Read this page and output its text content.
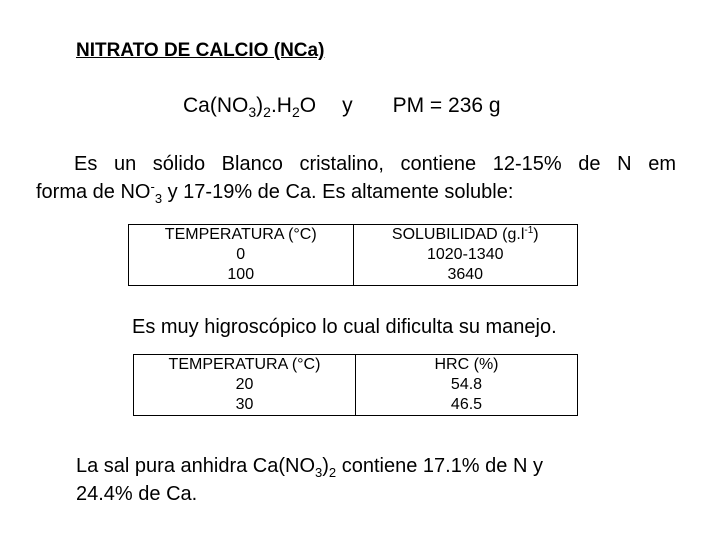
NITRATO DE CALCIO (NCa)
$Ca(NO_3)_2.H_2O$ y PM = 236 g
Es un sólido Blanco cristalino, contiene 12-15% de N em
forma de $NO^-_3$ y 17-19% de Ca. Es altamente soluble:
TEMPERATURA (°C)	SOLUBILIDAD $(g.l^{-1})$
0	1020-1340
100	3640
Es muy higroscópico lo cual dificulta su manejo.
TEMPERATURA (°C)	HRC (%)
20	54.8
30	46.5
La sal pura anhidra $Ca(NO_3)_2$ contiene 17.1% de N y
24.4% de Ca.
